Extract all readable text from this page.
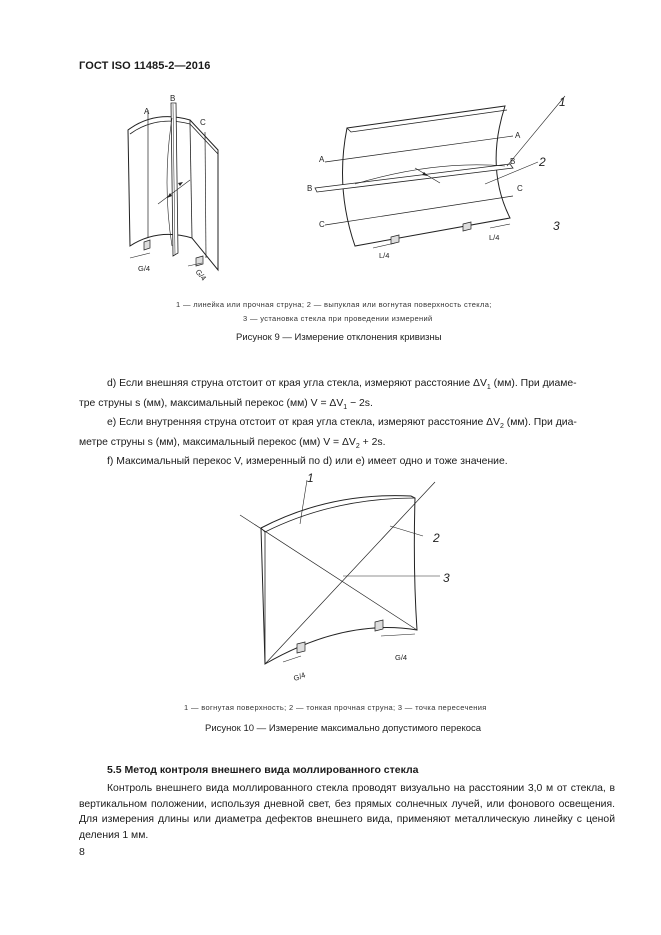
ГОСТ ISO 11485-2—2016
A
B
C
G/4	G/4
A
A	B
B	C
C
1
2
3
L/4
L/4
1 — линейка или прочная струна; 2 — выпуклая или вогнутая поверхность стекла;
3 — установка стекла при проведении измерений
Рисунок 9 — Измерение отклонения кривизны

d) Если внешняя струна отстоит от края угла стекла, измеряют расстояние $\Delta V_1$ (мм). При диаме-

тре струны s (мм), максимальный перекос (мм) $V = \Delta V_1 - 2s$.

e) Если внутренняя струна отстоит от края угла стекла, измеряют расстояние $\Delta V_2$ (мм). При диа-

метре струны s (мм), максимальный перекос (мм) $V = \Delta V_2 + 2s$.

f) Максимальный перекос V, измеренный по d) или e) имеет одно и тоже значение.

1
2
3
G/4
G/4
1 — вогнутая поверхность; 2 — тонкая прочная струна; 3 — точка пересечения
Рисунок 10 — Измерение максимально допустимого перекоса
5.5 Метод контроля внешнего вида моллированного стекла

Контроль внешнего вида моллированного стекла проводят визуально на расстоянии 3,0 м от стекла, в вертикальном положении, используя дневной свет, без прямых солнечных лучей, или фонового освещения. Для измерения длины или диаметра дефектов внешнего вида, применяют металлическую линейку с ценой деления 1 мм.

8
